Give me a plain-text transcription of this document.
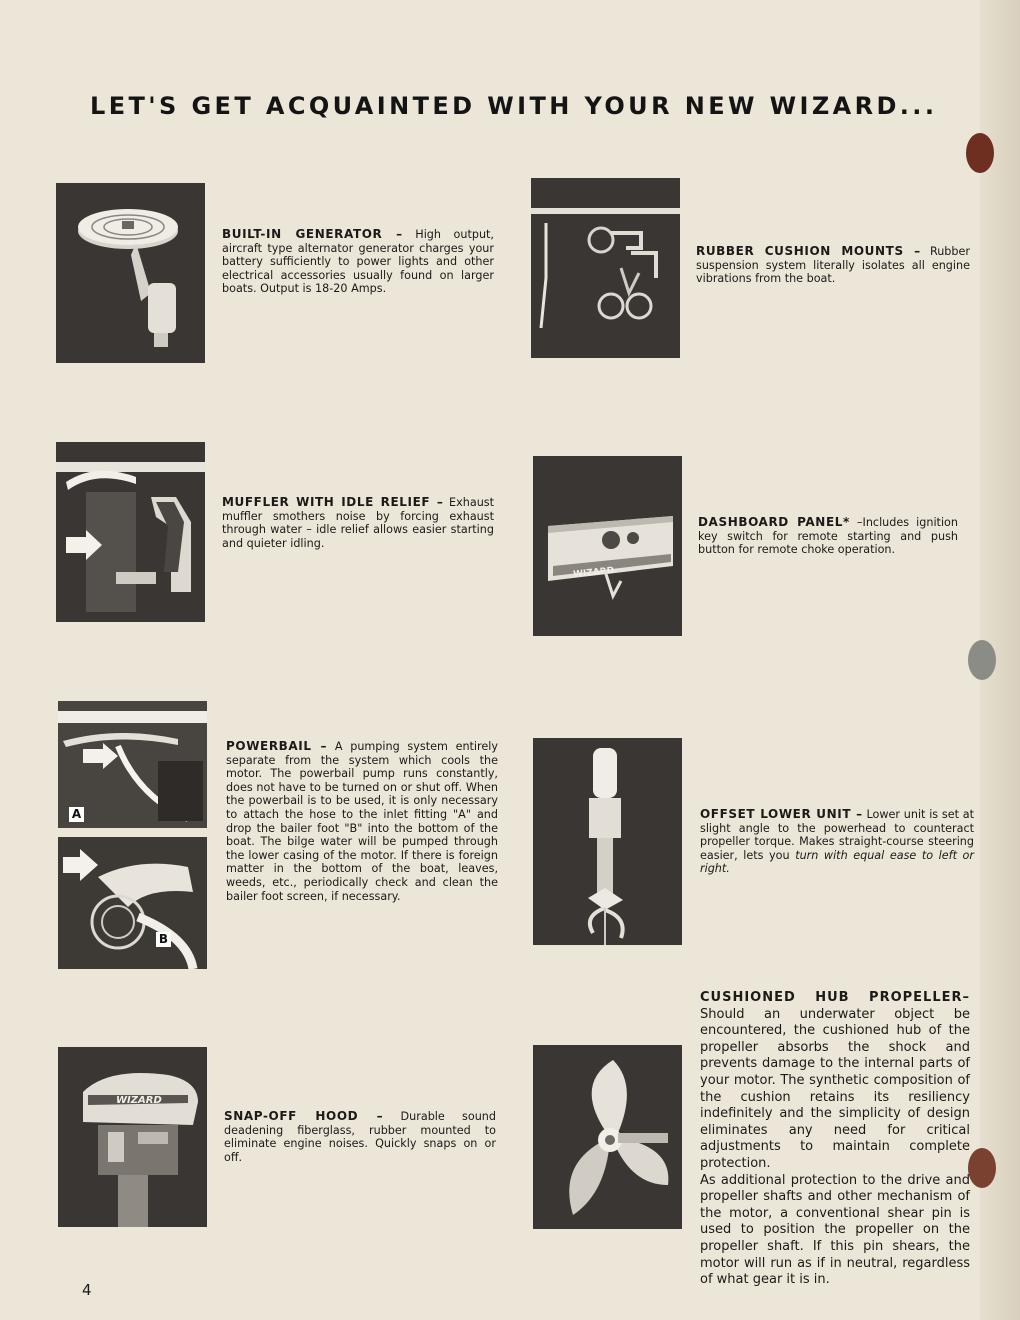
LET'S GET ACQUAINTED WITH YOUR NEW WIZARD...
BUILT-IN GENERATOR – High output, aircraft type alternator generator charges your battery sufficiently to power lights and other electrical accessories usually found on larger boats. Output is 18-20 Amps.
MUFFLER WITH IDLE RELIEF – Exhaust muffler smothers noise by forcing exhaust through water – idle relief allows easier starting and quieter idling.
A
B
POWERBAIL – A pumping system entirely separate from the system which cools the motor. The powerbail pump runs constantly, does not have to be turned on or shut off. When the powerbail is to be used, it is only necessary to attach the hose to the inlet fitting "A" and drop the bailer foot "B" into the bottom of the boat. The bilge water will be pumped through the lower casing of the motor. If there is foreign matter in the bottom of the boat, leaves, weeds, etc., periodically check and clean the bailer foot screen, if necessary.
WIZARD
SNAP-OFF HOOD – Durable sound deadening fiberglass, rubber mounted to eliminate engine noises. Quickly snaps on or off.
RUBBER CUSHION MOUNTS – Rubber suspension system literally isolates all engine vibrations from the boat.
WIZARD
DASHBOARD PANEL* –Includes ignition key switch for remote starting and push button for remote choke operation.
OFFSET LOWER UNIT – Lower unit is set at slight angle to the powerhead to counteract propeller torque. Makes straight-course steering easier, lets you turn with equal ease to left or right.
CUSHIONED HUB PROPELLER– Should an underwater object be encountered, the cushioned hub of the propeller absorbs the shock and prevents damage to the internal parts of your motor. The synthetic composition of the cushion retains its resiliency indefinitely and the simplicity of design eliminates any need for critical adjustments to maintain complete protection.
As additional protection to the drive and propeller shafts and other mechanism of the motor, a conventional shear pin is used to position the propeller on the propeller shaft. If this pin shears, the motor will run as if in neutral, regardless of what gear it is in.
4
